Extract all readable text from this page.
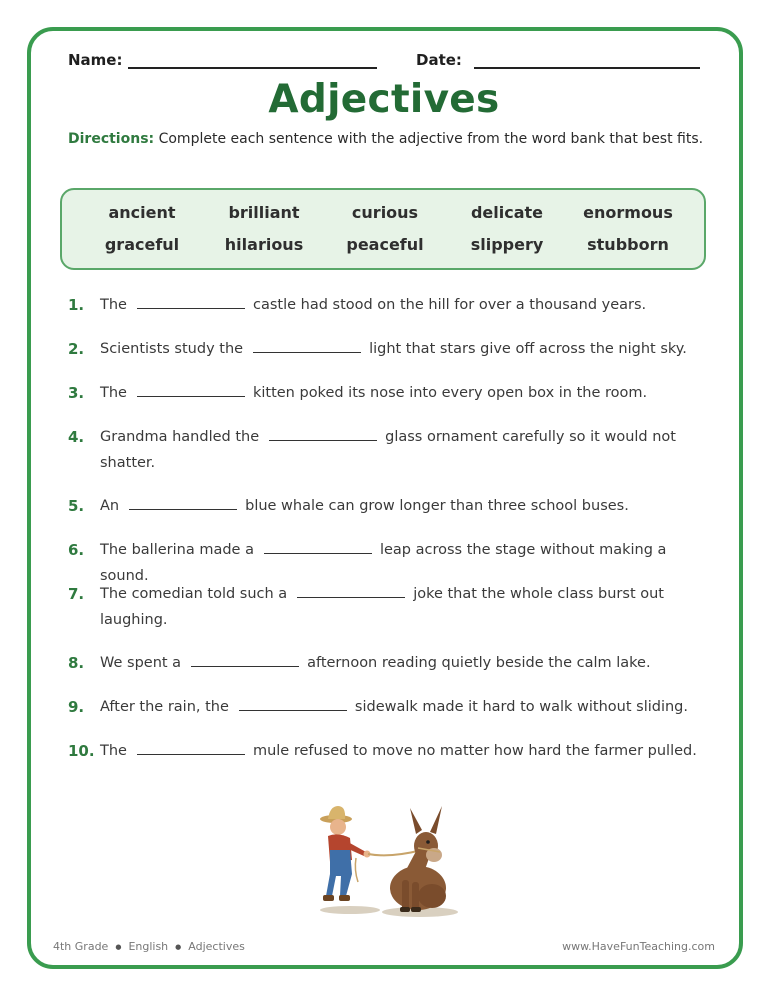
Name:	Date:
Adjectives
Directions: Complete each sentence with the adjective from the word bank that best fits.
ancient	brilliant	curious	delicate	enormous
graceful	hilarious	peaceful	slippery	stubborn
1. The	castle had stood on the hill for over a thousand years.
2. Scientists study the	light that stars give off across the night sky.
3. The	kitten poked its nose into every open box in the room.
4. Grandma handled the	glass ornament carefully so it would not shatter.
5. An	blue whale can grow longer than three school buses.
6. The ballerina made a	leap across the stage without making a sound.
7. The comedian told such a	joke that the whole class burst out laughing.
8. We spent a	afternoon reading quietly beside the calm lake.
9. After the rain, the	sidewalk made it hard to walk without sliding.
10. The	mule refused to move no matter how hard the farmer pulled.
4th Grade ● English ● Adjectives	www.HaveFunTeaching.com
